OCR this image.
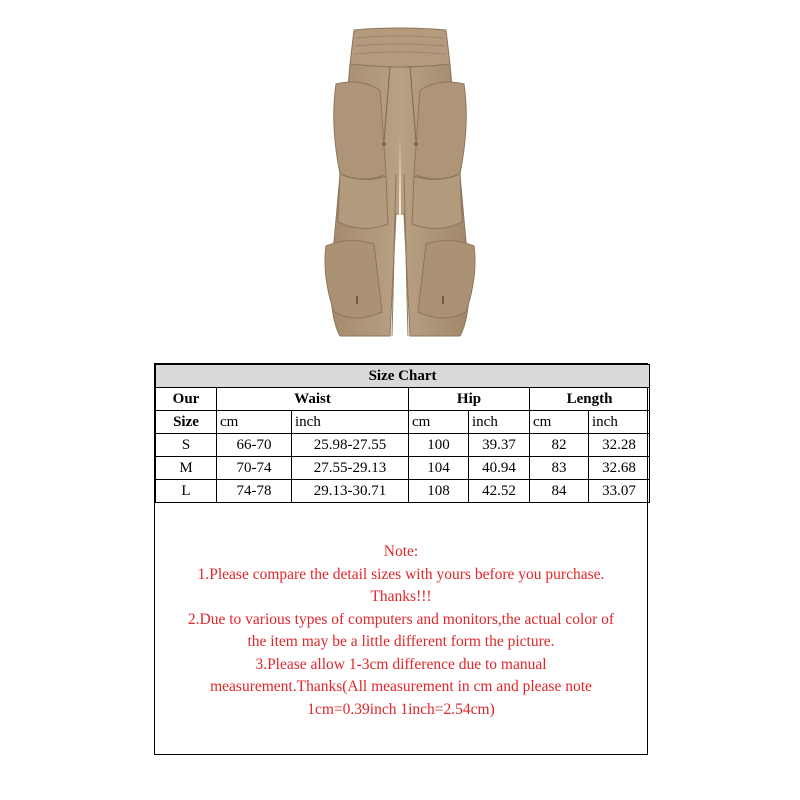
Size Chart						
Our	Waist		Hip		Length	
Size	cm	inch	cm	inch	cm	inch
S	66-70	25.98-27.55	100	39.37	82	32.28
M	70-74	27.55-29.13	104	40.94	83	32.68
L	74-78	29.13-30.71	108	42.52	84	33.07
Note:
1.Please compare the detail sizes with yours before you purchase.
Thanks!!!
2.Due to various types of computers and monitors,the actual color of
the item may be a little different form the picture.
3.Please allow 1-3cm difference due to manual
measurement.Thanks(All measurement in cm and please note
1cm=0.39inch 1inch=2.54cm)
